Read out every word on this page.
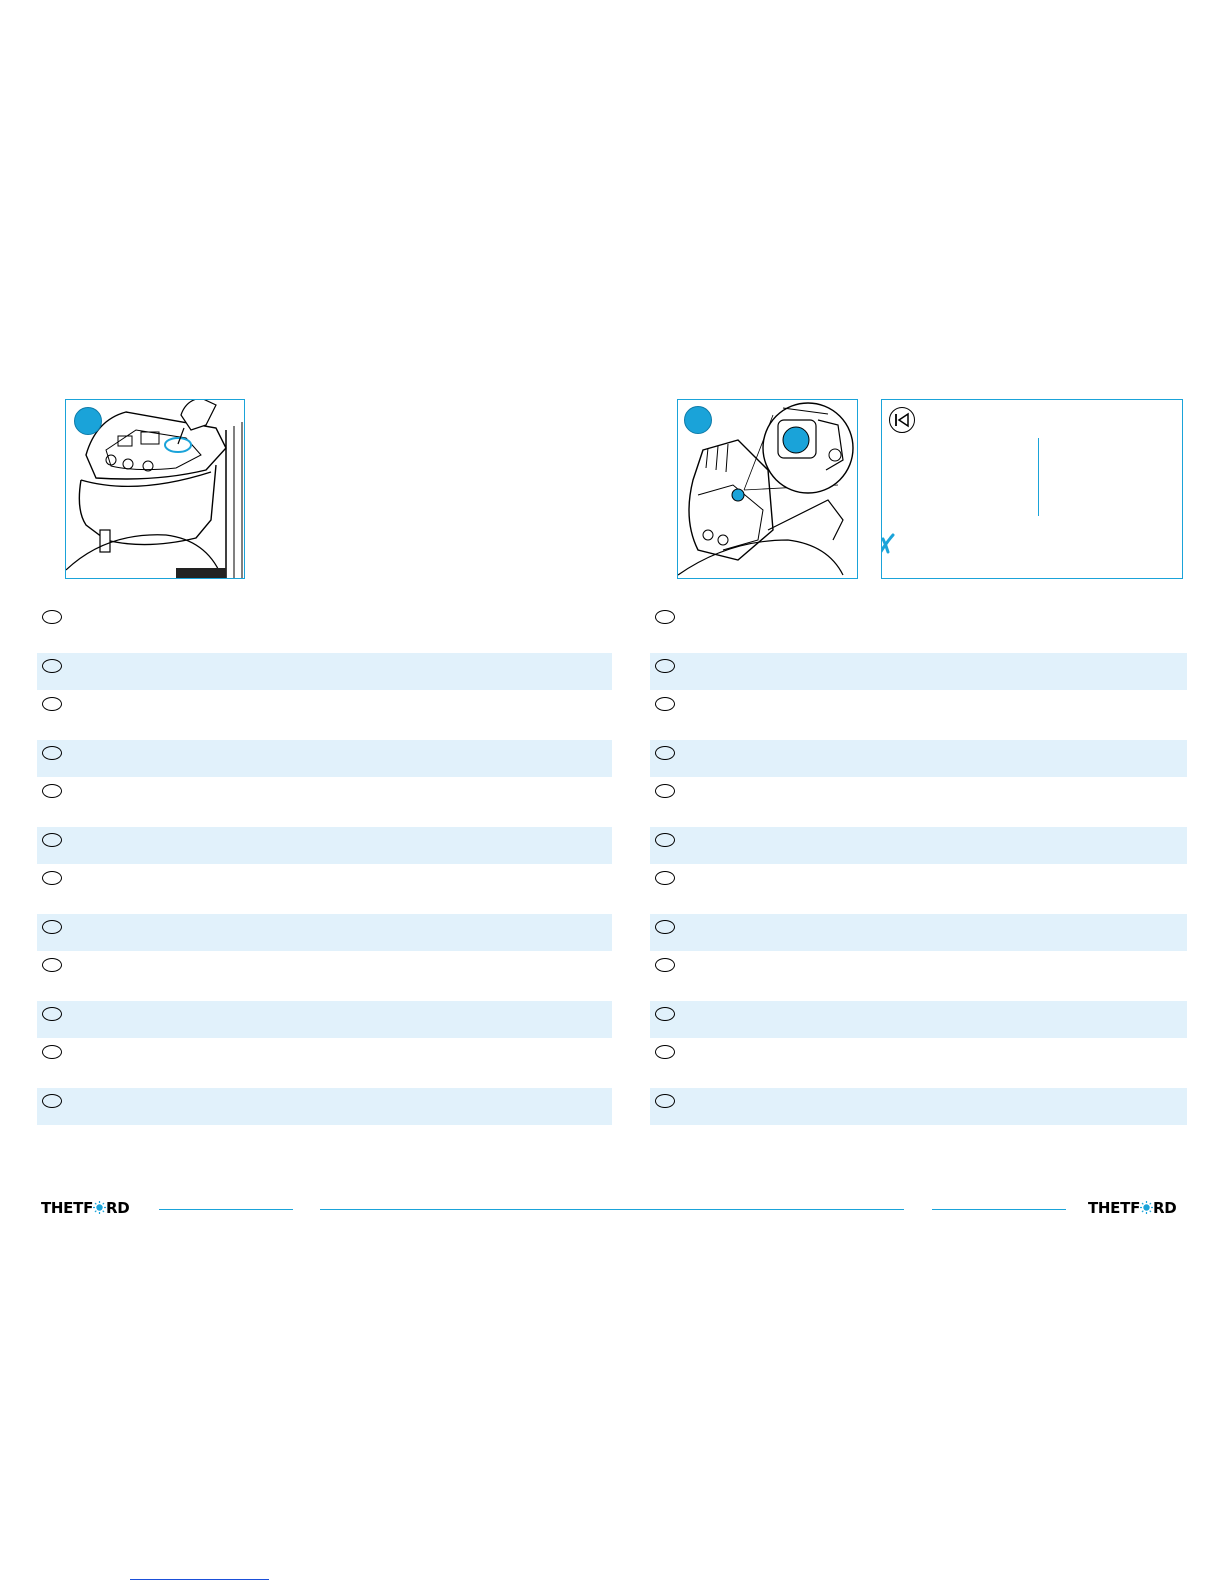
THETF RD	THETF RD
